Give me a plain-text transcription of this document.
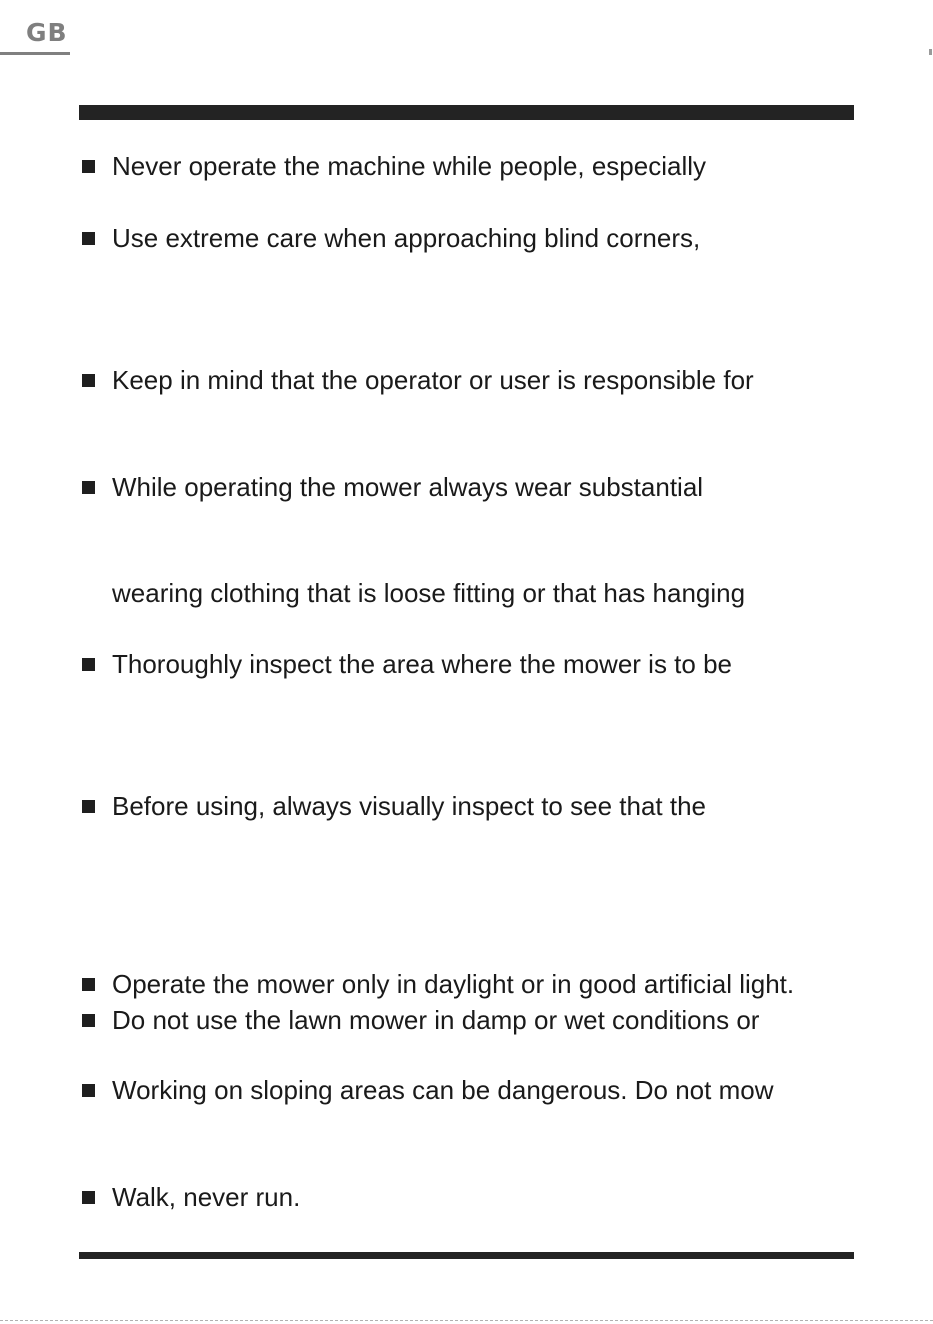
GB
Never operate the machine while people, especially
Use extreme care when approaching blind corners,
Keep in mind that the operator or user is responsible for
While operating the mower always wear substantial
wearing clothing that is loose fitting or that has hanging
Thoroughly inspect the area where the mower is to be
Before using, always visually inspect to see that the
Operate the mower only in daylight or in good artificial light.
Do not use the lawn mower in damp or wet conditions or
Working on sloping areas can be dangerous. Do not mow
Walk, never run.
